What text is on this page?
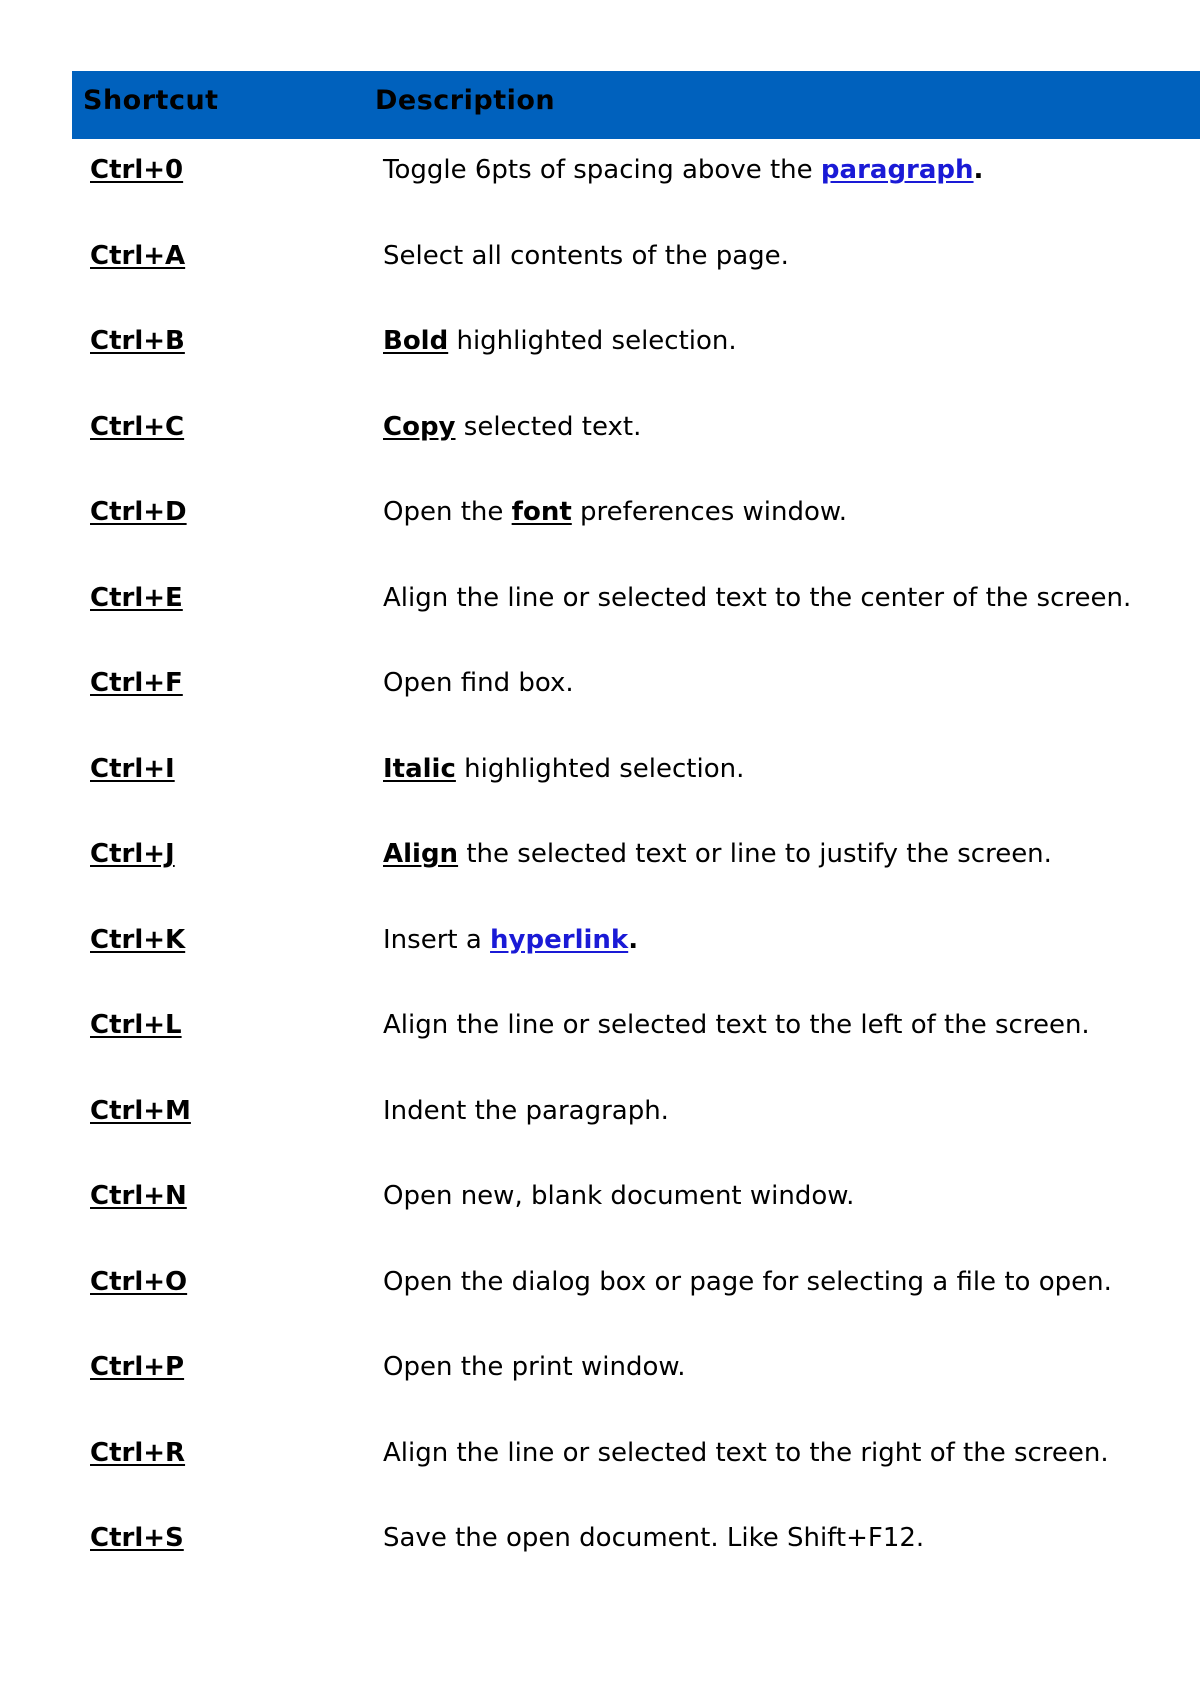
Shortcut	Description
Ctrl+0	Toggle 6pts of spacing above the paragraph.
Ctrl+A	Select all contents of the page.
Ctrl+B	Bold highlighted selection.
Ctrl+C	Copy selected text.
Ctrl+D	Open the font preferences window.
Ctrl+E	Align the line or selected text to the center of the screen.
Ctrl+F	Open find box.
Ctrl+I	Italic highlighted selection.
Ctrl+J	Align the selected text or line to justify the screen.
Ctrl+K	Insert a hyperlink.
Ctrl+L	Align the line or selected text to the left of the screen.
Ctrl+M	Indent the paragraph.
Ctrl+N	Open new, blank document window.
Ctrl+O	Open the dialog box or page for selecting a file to open.
Ctrl+P	Open the print window.
Ctrl+R	Align the line or selected text to the right of the screen.
Ctrl+S	Save the open document. Like Shift+F12.
